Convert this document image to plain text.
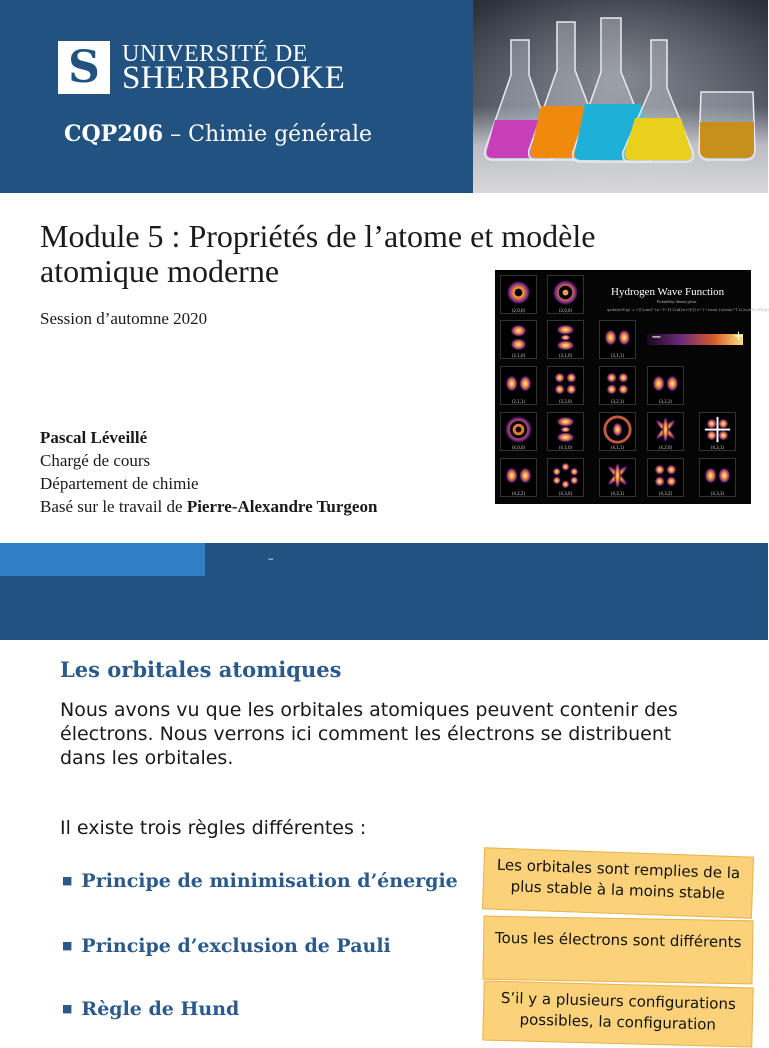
S UNIVERSITÉ DE
SHERBROOKE
CQP206 – Chimie générale
Module 5 : Propriétés de l’atome et modèle atomique moderne
Session d’automne 2020
Pascal Léveillé
Chargé de cours
Département de chimie
Basé sur le travail de Pierre-Alexandre Turgeon
Hydrogen Wave Function
Probability density plots.
ψnlm(r,θ,φ) = √((2/na)³ (n−l−1)!/2n[(n+l)!]) e^(−r/na) (2r/na)^l L(2r/na) Y(θ,φ)
−	+
(2,0,0)	(3,0,0)
(2,1,0)	(3,1,0)	(3,1,1)
(2,1,1)	(3,2,0)	(3,2,1)	(3,2,2)
(4,0,0)	(4,1,0)	(4,1,1)	(4,2,0)	(4,2,1)
(4,2,2)	(4,3,0)	(4,3,1)	(4,3,2)	(4,3,3)
–
Les orbitales atomiques
Nous avons vu que les orbitales atomiques peuvent contenir des électrons. Nous verrons ici comment les électrons se distribuent dans les orbitales.
Il existe trois règles différentes :
■ Principe de minimisation d’énergie
■ Principe d’exclusion de Pauli
■ Règle de Hund
Les orbitales sont remplies de la plus stable à la moins stable
Tous les électrons sont différents
S’il y a plusieurs configurations possibles, la configuration
